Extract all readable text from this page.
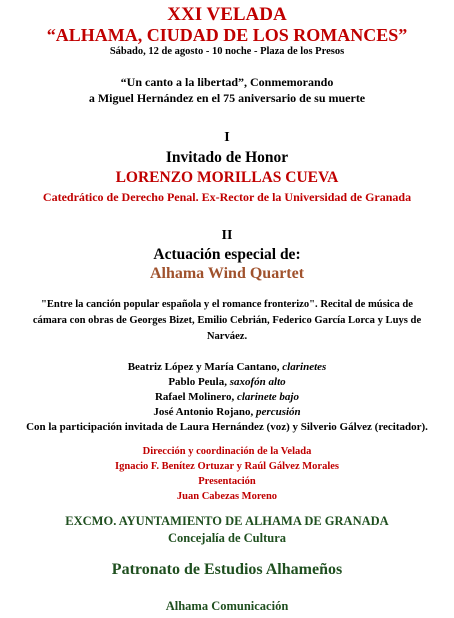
XXI VELADA
“ALHAMA, CIUDAD DE LOS ROMANCES”
Sábado, 12 de agosto - 10 noche - Plaza de los Presos
“Un canto a la libertad”, Conmemorando
a Miguel Hernández en el 75 aniversario de su muerte
I
Invitado de Honor
LORENZO MORILLAS CUEVA
Catedrático de Derecho Penal. Ex-Rector de la Universidad de Granada
II
Actuación especial de:
Alhama Wind Quartet
"Entre la canción popular española y el romance fronterizo". Recital de música de
cámara con obras de Georges Bizet, Emilio Cebrián, Federico García Lorca y Luys de
Narváez.
Beatriz López y María Cantano, clarinetes
Pablo Peula, saxofón alto
Rafael Molinero, clarinete bajo
José Antonio Rojano, percusión
Con la participación invitada de Laura Hernández (voz) y Silverio Gálvez (recitador).
Dirección y coordinación de la Velada
Ignacio F. Benítez Ortuzar y Raúl Gálvez Morales
Presentación
Juan Cabezas Moreno
EXCMO. AYUNTAMIENTO DE ALHAMA DE GRANADA
Concejalía de Cultura
Patronato de Estudios Alhameños
Alhama Comunicación
